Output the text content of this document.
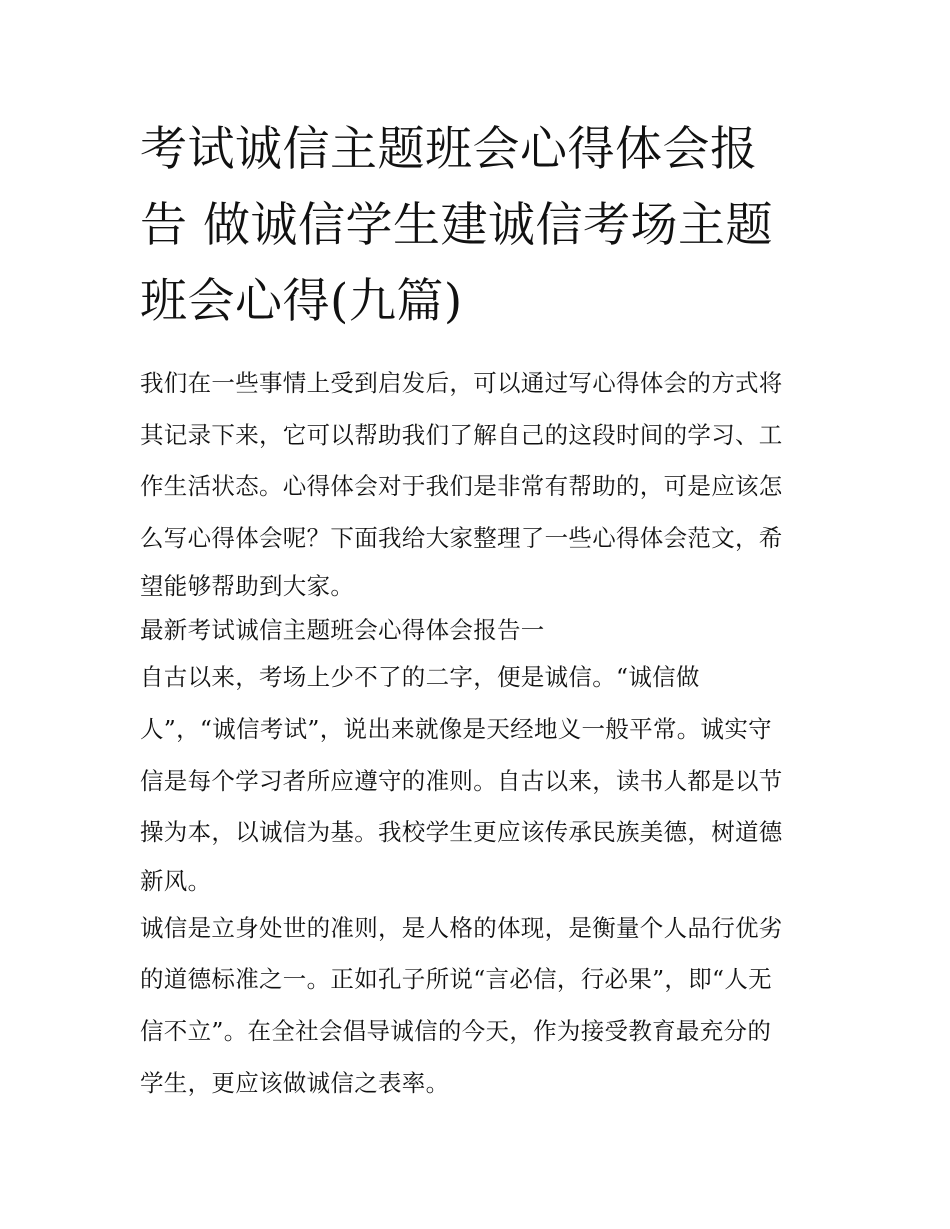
考试诚信主题班会心得体会报
告 做诚信学生建诚信考场主题
班会心得(九篇)
我们在一些事情上受到启发后，可以通过写心得体会的方式将
其记录下来，它可以帮助我们了解自己的这段时间的学习、工
作生活状态。心得体会对于我们是非常有帮助的，可是应该怎
么写心得体会呢？下面我给大家整理了一些心得体会范文，希
望能够帮助到大家。
最新考试诚信主题班会心得体会报告一
自古以来，考场上少不了的二字，便是诚信。“诚信做
人”，“诚信考试”，说出来就像是天经地义一般平常。诚实守
信是每个学习者所应遵守的准则。自古以来，读书人都是以节
操为本，以诚信为基。我校学生更应该传承民族美德，树道德
新风。
诚信是立身处世的准则，是人格的体现，是衡量个人品行优劣
的道德标准之一。正如孔子所说“言必信，行必果”，即“人无
信不立”。在全社会倡导诚信的今天，作为接受教育最充分的
学生，更应该做诚信之表率。
